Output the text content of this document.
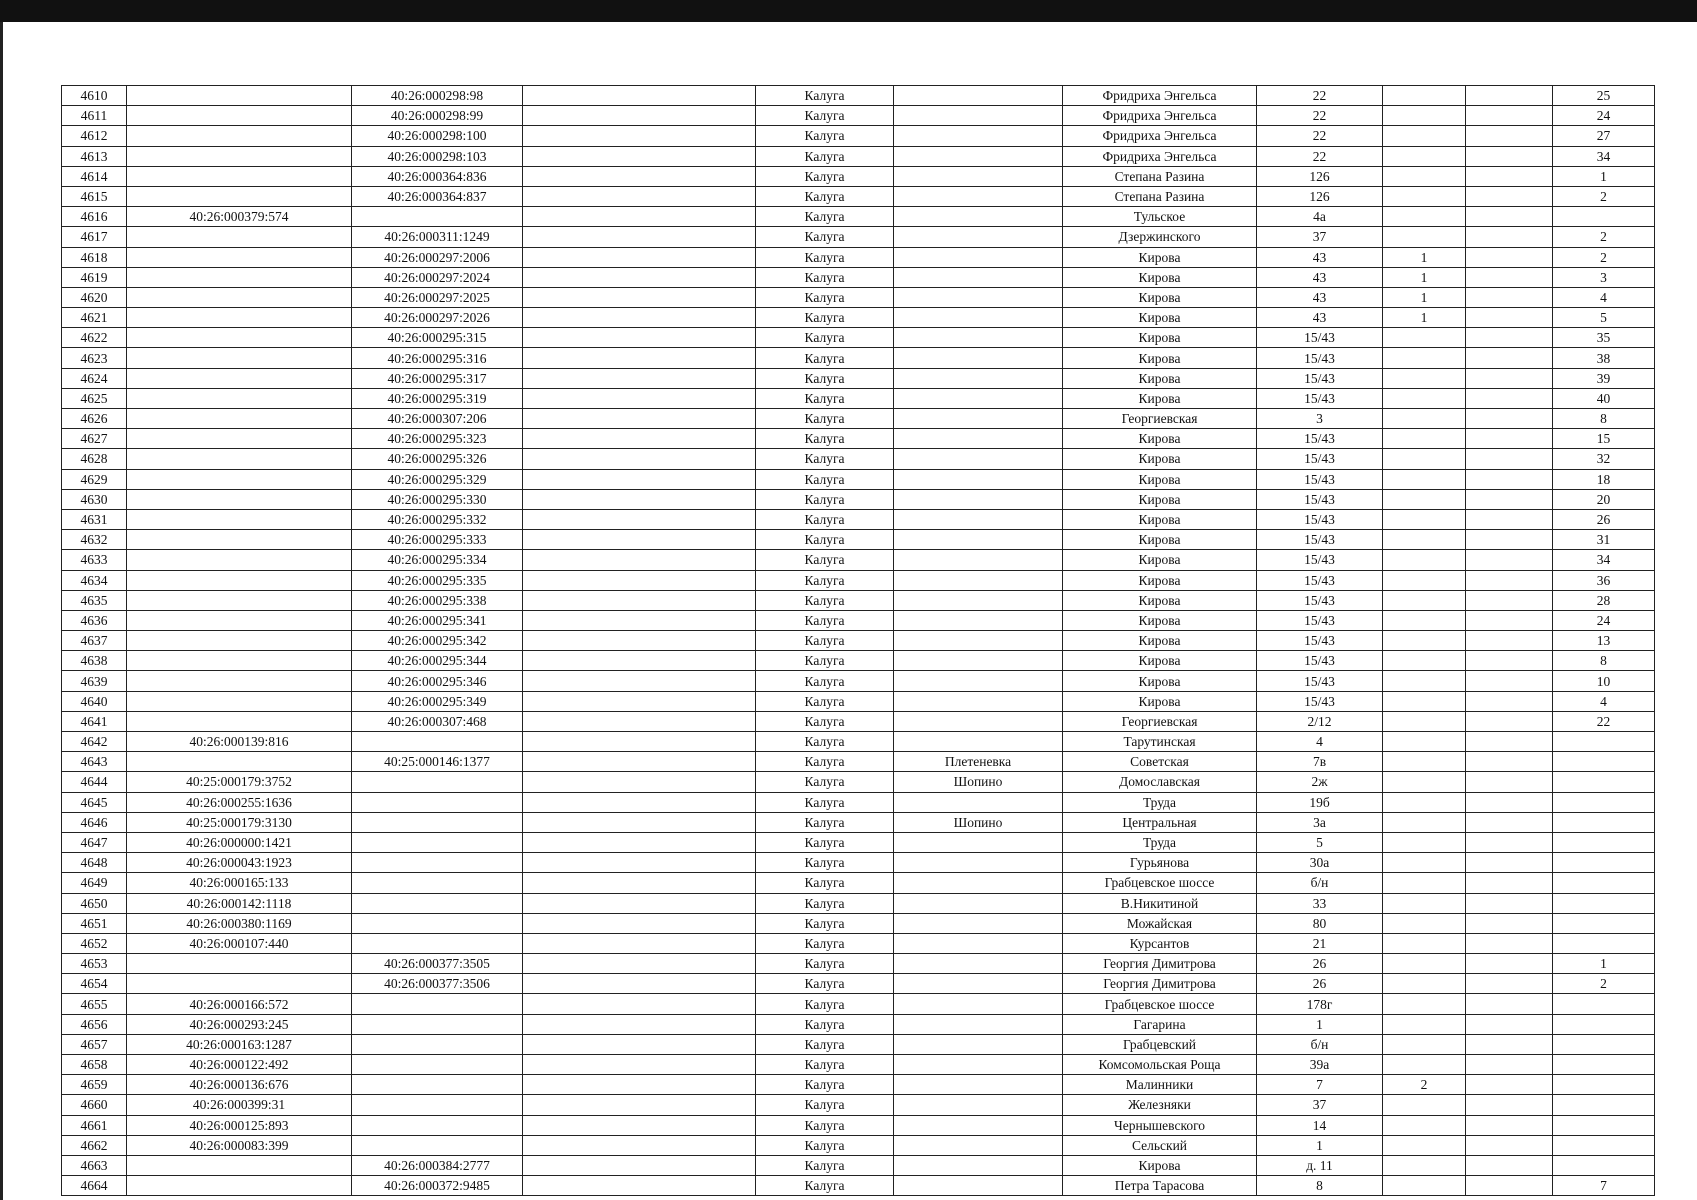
4610		40:26:000298:98		Калуга		Фридриха Энгельса	22			25
4611		40:26:000298:99		Калуга		Фридриха Энгельса	22			24
4612		40:26:000298:100		Калуга		Фридриха Энгельса	22			27
4613		40:26:000298:103		Калуга		Фридриха Энгельса	22			34
4614		40:26:000364:836		Калуга		Степана Разина	126			1
4615		40:26:000364:837		Калуга		Степана Разина	126			2
4616	40:26:000379:574			Калуга		Тульское	4а			
4617		40:26:000311:1249		Калуга		Дзержинского	37			2
4618		40:26:000297:2006		Калуга		Кирова	43	1		2
4619		40:26:000297:2024		Калуга		Кирова	43	1		3
4620		40:26:000297:2025		Калуга		Кирова	43	1		4
4621		40:26:000297:2026		Калуга		Кирова	43	1		5
4622		40:26:000295:315		Калуга		Кирова	15/43			35
4623		40:26:000295:316		Калуга		Кирова	15/43			38
4624		40:26:000295:317		Калуга		Кирова	15/43			39
4625		40:26:000295:319		Калуга		Кирова	15/43			40
4626		40:26:000307:206		Калуга		Георгиевская	3			8
4627		40:26:000295:323		Калуга		Кирова	15/43			15
4628		40:26:000295:326		Калуга		Кирова	15/43			32
4629		40:26:000295:329		Калуга		Кирова	15/43			18
4630		40:26:000295:330		Калуга		Кирова	15/43			20
4631		40:26:000295:332		Калуга		Кирова	15/43			26
4632		40:26:000295:333		Калуга		Кирова	15/43			31
4633		40:26:000295:334		Калуга		Кирова	15/43			34
4634		40:26:000295:335		Калуга		Кирова	15/43			36
4635		40:26:000295:338		Калуга		Кирова	15/43			28
4636		40:26:000295:341		Калуга		Кирова	15/43			24
4637		40:26:000295:342		Калуга		Кирова	15/43			13
4638		40:26:000295:344		Калуга		Кирова	15/43			8
4639		40:26:000295:346		Калуга		Кирова	15/43			10
4640		40:26:000295:349		Калуга		Кирова	15/43			4
4641		40:26:000307:468		Калуга		Георгиевская	2/12			22
4642	40:26:000139:816			Калуга		Тарутинская	4			
4643		40:25:000146:1377		Калуга	Плетеневка	Советская	7в			
4644	40:25:000179:3752			Калуга	Шопино	Домославская	2ж			
4645	40:26:000255:1636			Калуга		Труда	19б			
4646	40:25:000179:3130			Калуга	Шопино	Центральная	3а			
4647	40:26:000000:1421			Калуга		Труда	5			
4648	40:26:000043:1923			Калуга		Гурьянова	30а			
4649	40:26:000165:133			Калуга		Грабцевское шоссе	б/н			
4650	40:26:000142:1118			Калуга		В.Никитиной	33			
4651	40:26:000380:1169			Калуга		Можайская	80			
4652	40:26:000107:440			Калуга		Курсантов	21			
4653		40:26:000377:3505		Калуга		Георгия Димитрова	26			1
4654		40:26:000377:3506		Калуга		Георгия Димитрова	26			2
4655	40:26:000166:572			Калуга		Грабцевское шоссе	178г			
4656	40:26:000293:245			Калуга		Гагарина	1			
4657	40:26:000163:1287			Калуга		Грабцевский	б/н			
4658	40:26:000122:492			Калуга		Комсомольская Роща	39а			
4659	40:26:000136:676			Калуга		Малинники	7	2		
4660	40:26:000399:31			Калуга		Железняки	37			
4661	40:26:000125:893			Калуга		Чернышевского	14			
4662	40:26:000083:399			Калуга		Сельский	1			
4663		40:26:000384:2777		Калуга		Кирова	д. 11			
4664		40:26:000372:9485		Калуга		Петра Тарасова	8			7
